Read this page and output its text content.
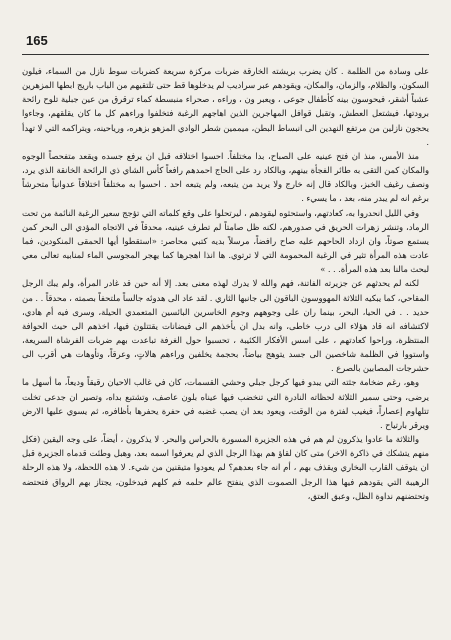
165

على وسادة من الظلمة . كان يضرب بريشته الخارقة ضربات مركزة سريعة كضربات سوط نازل من السماء، فيلون السكون، والظلام، والزمان، والمكان، ويقودهم عبر سراديب لم يدخلوها قط حتى تلتقيهم من الباب باريج ابطها المزهرين عشباً أشقر، فيحوسون بينه كأطفال جوعى ، ويعبر ون ، وراءه ، صحراء منبسطة كماء ترقرق من عين جبلية تلوح رائحة برودتها، فيشتعل العطش، وتقبل قوافل المهاجرين الذين اهاجهم الرغبة فتخلفوا وراءهم كل ما كان يقلقهم، وجاءوا يحجون نازلين من مرتفع النهدين الى انبساط البطن، ميممين شطر الوادي المزهو بزهره، ورياحينه، ويتراكمه التي لا تهدأ .

منذ الأمس، منذ ان فتح عينيه على الصباح، بدا مختلفاً. احسوا اختلافه قبل ان يرفع جسده ويقعد متفحصاً الوجوه والمكان كمن التقى به طائر الفجأة بينهم، وبالكاد رد على الحاج احمدهم رافعاً كأس الشاي ذي الرائحة الخانقة الذي يرد، ونصف رغيف الخبز، وبالكاد قال إنه خارج ولا يريد من يتبعه، ولم يتبعه احد . احسوا به مختلفاً اختلافاً عدوانياً متحرشاً برغم انه لم يبدر منه، بعد ، ما يسيء .

وفي الليل انحدروا به، كعادتهم، واستحثوه ليقودهم ، ليرتحلوا على وقع كلماته التي تؤجج سعير الرغبة النائمة من تحت الرماد، وتنشر زهرات الحريق في صدورهم، لكنه ظل صامتاً لم تطرف عينيه، محدقاً في الاتجاه المؤدي الى البحر كمن يستمع صوتاً، وان ازداد الحاحهم عليه صاح رافضاً، مرسلاً بديه كتبي محاصر: «استقطوا أيها الحمقى المنكودين، فما عادت هذه المرأة تثير في الرغبة المحمومة التي لا ترتوي. ها انذا اهجرها كما يهجر المجوسي الماء لمنابيه تعالى معي لبحث مالنا بعد هذه المرأة. . . »

لكنه لم يحدثهم عن جزيرته الفاتنة، فهم والله لا يدرك لهذه معنى بعد. إلا أنه حين قد غادر المرأة، ولم يبك الرجل المقاحي، كما يبكيه الثلاثة المهووسون الباقون الى جانبها الثاري . لقد عاد الى هدوئه جالساً ملتحفاً بصمته ، محدقاً . . من حديد . . في الحيا، البحر، بينما ران على وجوههم وجوم الخاسرين البائسين المتعمدي الحيلة، وسرى فيه أم هادي، لاكتشافه انه قاد هؤلاء الى درب خاطى، وانه بدل ان يأخذهم الى فيضانات يقتتلون فيها، اخذهم الى حيث الحوافة المنتظرة، وراحوا كعادتهم ، على اسس الأفكار الكئيبة ، تحسبوا حول الغرفة تباعدت بهم ضربات الفرشاة السريعة، واستووا في الظلمة شاخصين الى جسد يتوهج بياضاً، بحجمة يخلفين وراءهم هالاتٍ، وعرقاً، وتأوهات هي أقرب الى حشرجات المصابين بالصرع .

وهو، رغم ضخامة جثته التي يبدو فيها كرجل جبلي وحشي القسمات، كان في غالب الاحيان رقيقاً وديعاً، ما أسهل ما يرضى، وحتى سمير الثلاثة لحظاته النادرة التي تنخضب فيها عيناه بلون عاصف، وتشتبع بداه، وتصير ان جدعى تخلت تتلهاوم إعصاراً، فيغيب لفترة من الوقت، ويعود بعد ان يصب غضبه في حفرة يحفرها بأظافره، ثم يسوي عليها الارض ويرقر بارتياح .

والثلاثة ما عادوا يذكرون لم هم في هذه الجزيرة المسورة بالحراس والبحر. لا يذكرون ، أيضاً، على وجه اليقين (فكل منهم يتشكك في ذاكرة الاخر) متى كان لقاؤ هم بهذا الرجل الذي لم يعرفوا اسمه بعد، وهبل وطئت قدماه الجزيرة قبل ان يتوقف القارب البخاري ويقذف بهم ، أم انه جاء بعدهم؟ لم يعودوا متيقنين من شيء. لا هذه اللحظة، ولا هذه الرحلة الرهيبة التي يقودهم فيها هذا الرجل الصموت الذي ينفتح عالم حلمه فم كلهم فيدخلون، يجتاز بهم الرواق فتحتضه وتحتضنهم نداوة الظل، وعبق العتق،
